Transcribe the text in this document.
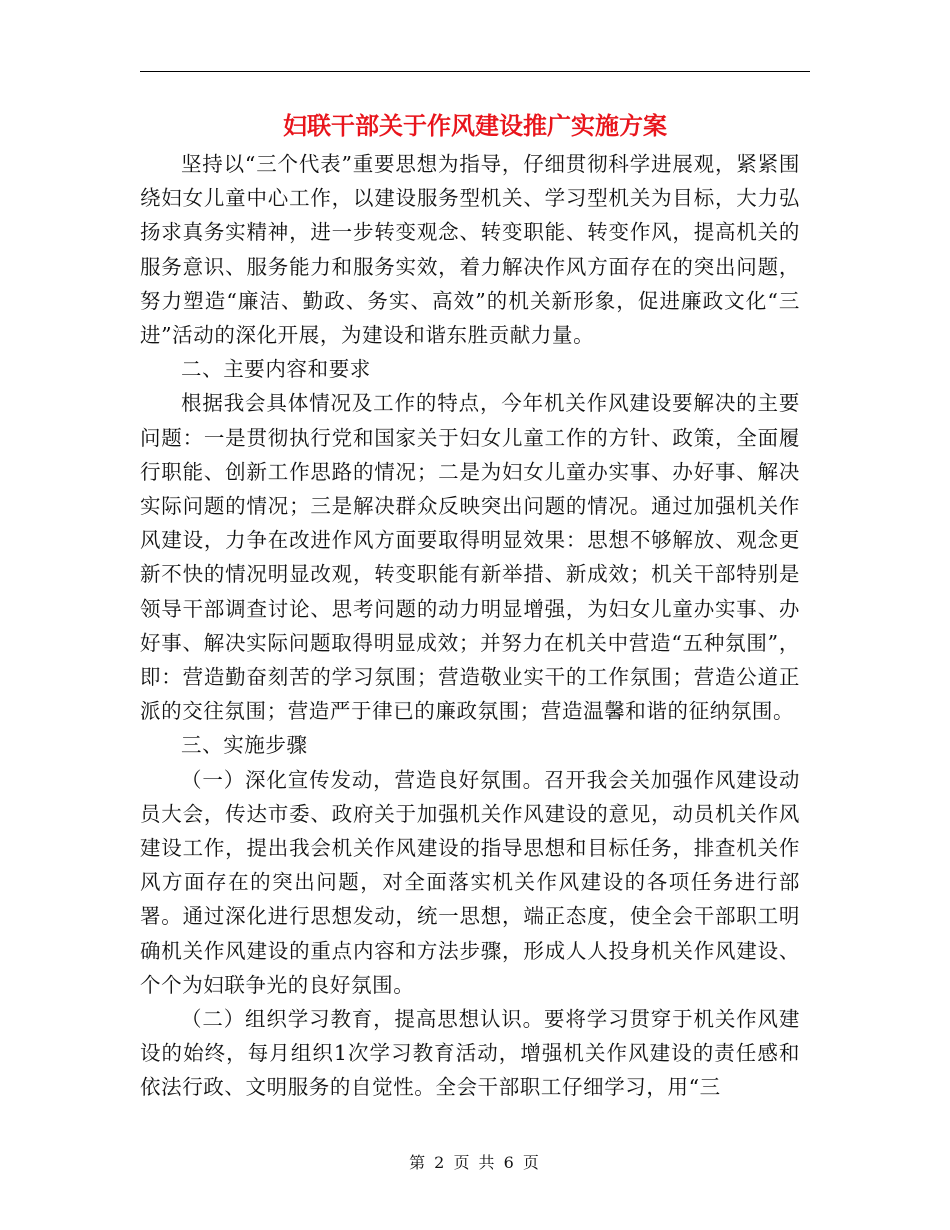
妇联干部关于作风建设推广实施方案

坚持以“三个代表”重要思想为指导，仔细贯彻科学进展观，紧紧围绕妇女儿童中心工作，以建设服务型机关、学习型机关为目标，大力弘扬求真务实精神，进一步转变观念、转变职能、转变作风，提高机关的服务意识、服务能力和服务实效，着力解决作风方面存在的突出问题，努力塑造“廉洁、勤政、务实、高效”的机关新形象，促进廉政文化“三进”活动的深化开展，为建设和谐东胜贡献力量。

二、主要内容和要求

根据我会具体情况及工作的特点，今年机关作风建设要解决的主要问题：一是贯彻执行党和国家关于妇女儿童工作的方针、政策，全面履行职能、创新工作思路的情况；二是为妇女儿童办实事、办好事、解决实际问题的情况；三是解决群众反映突出问题的情况。通过加强机关作风建设，力争在改进作风方面要取得明显效果：思想不够解放、观念更新不快的情况明显改观，转变职能有新举措、新成效；机关干部特别是领导干部调查讨论、思考问题的动力明显增强，为妇女儿童办实事、办好事、解决实际问题取得明显成效；并努力在机关中营造“五种氛围”，即：营造勤奋刻苦的学习氛围；营造敬业实干的工作氛围；营造公道正派的交往氛围；营造严于律已的廉政氛围；营造温馨和谐的征纳氛围。

三、实施步骤

（一）深化宣传发动，营造良好氛围。召开我会关加强作风建设动员大会，传达市委、政府关于加强机关作风建设的意见，动员机关作风建设工作，提出我会机关作风建设的指导思想和目标任务，排查机关作风方面存在的突出问题，对全面落实机关作风建设的各项任务进行部署。通过深化进行思想发动，统一思想，端正态度，使全会干部职工明确机关作风建设的重点内容和方法步骤，形成人人投身机关作风建设、个个为妇联争光的良好氛围。

（二）组织学习教育，提高思想认识。要将学习贯穿于机关作风建设的始终，每月组织1次学习教育活动，增强机关作风建设的责任感和依法行政、文明服务的自觉性。全会干部职工仔细学习，用“三

第 2 页 共 6 页
